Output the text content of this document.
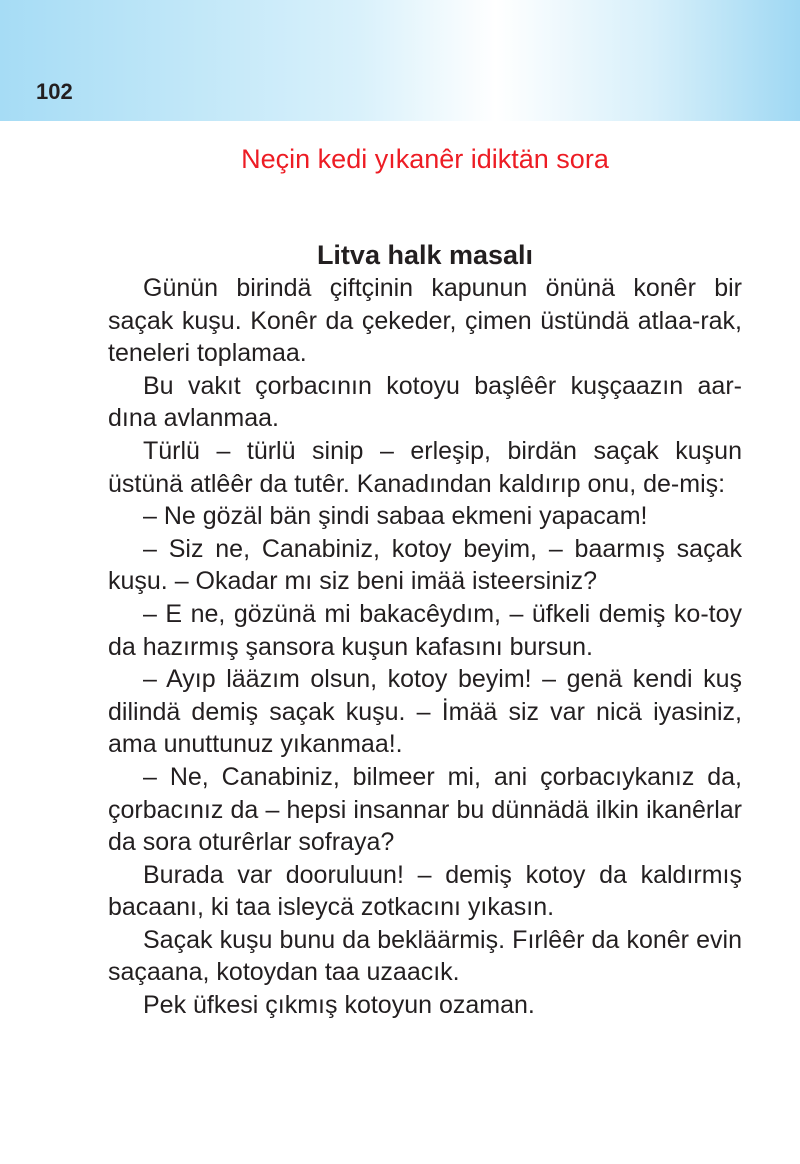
102
Neçin kedi yıkanêr idiktän sora
Litva halk masalı

Günün birindä çiftçinin kapunun önünä konêr bir saçak kuşu. Konêr da çekeder, çimen üstündä atlaa-rak, teneleri toplamaa.

Bu vakıt çorbacının kotoyu başlêêr kuşçaazın aar-dına avlanmaa.

Türlü – türlü sinip – erleşip, birdän saçak kuşun üstünä atlêêr da tutêr. Kanadından kaldırıp onu, de-miş:

– Ne gözäl bän şindi sabaa ekmeni yapacam!

– Siz ne, Canabiniz, kotoy beyim, – baarmış saçak kuşu. – Okadar mı siz beni imää isteersiniz?

– E ne, gözünä mi bakacêydım, – üfkeli demiş ko-toy da hazırmış şansora kuşun kafasını bursun.

– Ayıp lääzım olsun, kotoy beyim! – genä kendi kuş dilindä demiş saçak kuşu. – İmää siz var nicä iyasiniz, ama unuttunuz yıkanmaa!.

– Ne, Canabiniz, bilmeer mi, ani çorbacıykanız da, çorbacınız da – hepsi insannar bu dünnädä ilkin ikanêrlar da sora oturêrlar sofraya?

Burada var dooruluun! – demiş kotoy da kaldırmış bacaanı, ki taa isleycä zotkacını yıkasın.

Saçak kuşu bunu da bekläärmiş. Fırlêêr da konêr evin saçaana, kotoydan taa uzaacık.

Pek üfkesi çıkmış kotoyun ozaman.
